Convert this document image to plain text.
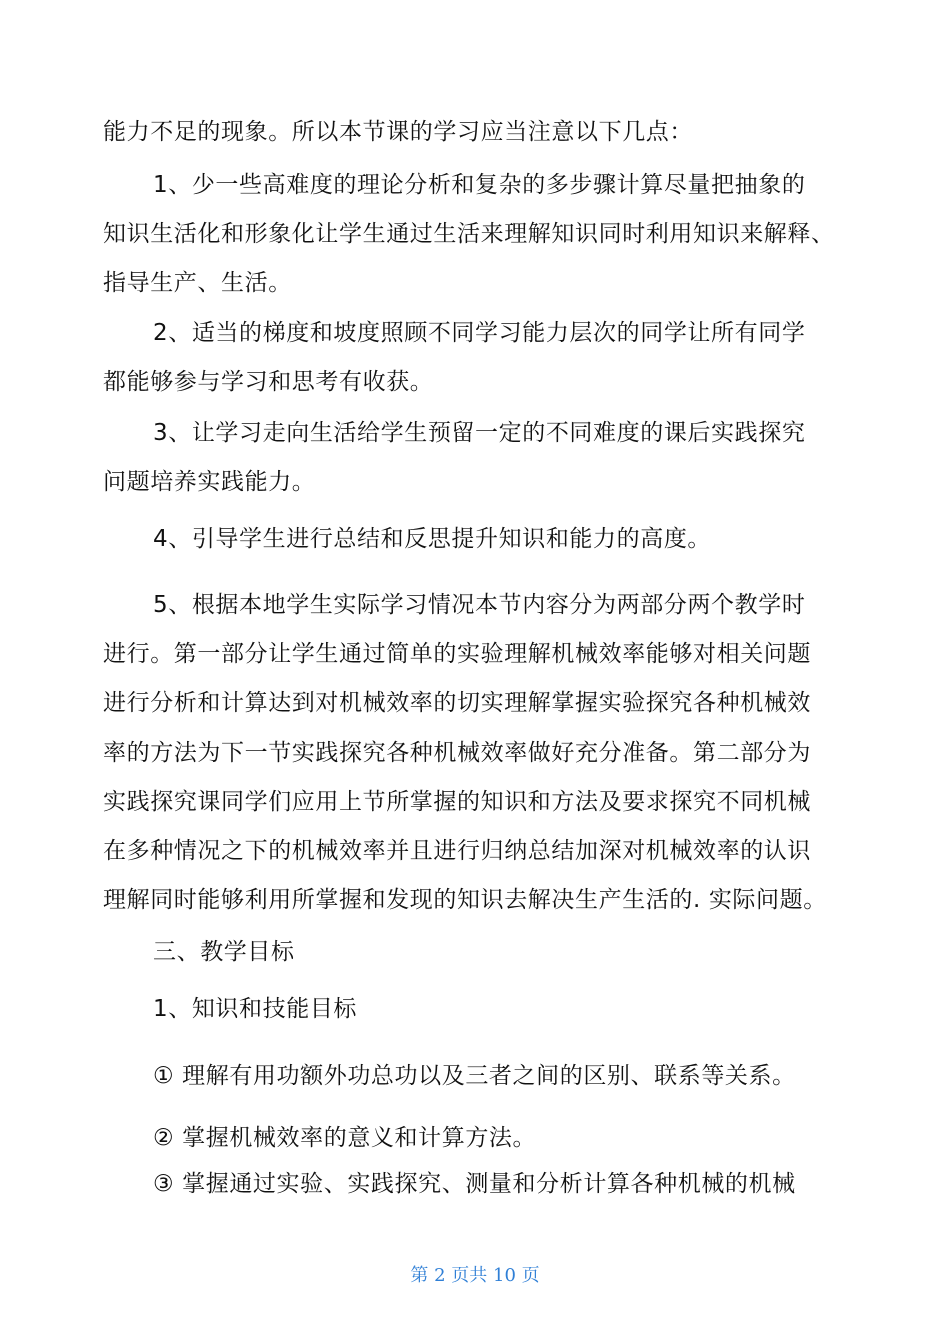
能力不足的现象。所以本节课的学习应当注意以下几点：
1、少一些高难度的理论分析和复杂的多步骤计算尽量把抽象的
知识生活化和形象化让学生通过生活来理解知识同时利用知识来解释、
指导生产、生活。
2、适当的梯度和坡度照顾不同学习能力层次的同学让所有同学
都能够参与学习和思考有收获。
3、让学习走向生活给学生预留一定的不同难度的课后实践探究
问题培养实践能力。
4、引导学生进行总结和反思提升知识和能力的高度。
5、根据本地学生实际学习情况本节内容分为两部分两个教学时
进行。第一部分让学生通过简单的实验理解机械效率能够对相关问题
进行分析和计算达到对机械效率的切实理解掌握实验探究各种机械效
率的方法为下一节实践探究各种机械效率做好充分准备。第二部分为
实践探究课同学们应用上节所掌握的知识和方法及要求探究不同机械
在多种情况之下的机械效率并且进行归纳总结加深对机械效率的认识
理解同时能够利用所掌握和发现的知识去解决生产生活的. 实际问题。
三、教学目标
1、知识和技能目标
① 理解有用功额外功总功以及三者之间的区别、联系等关系。
② 掌握机械效率的意义和计算方法。
③ 掌握通过实验、实践探究、测量和分析计算各种机械的机械
第 2 页共 10 页
